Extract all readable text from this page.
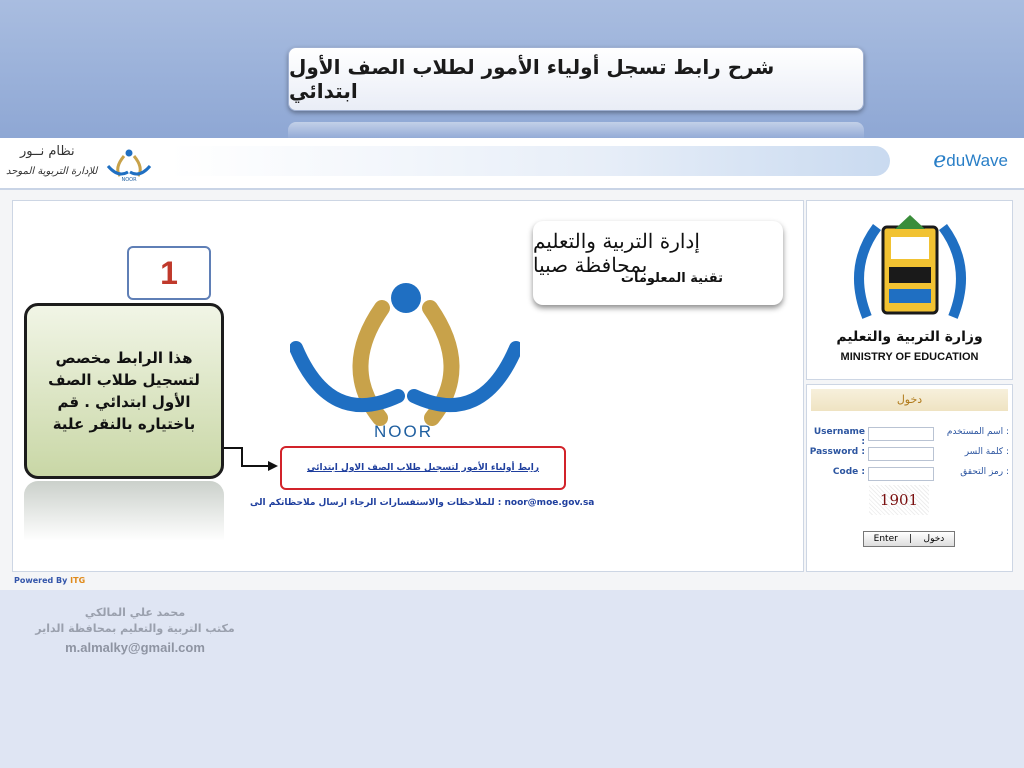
شرح رابط تسجل أولياء الأمور لطلاب الصف الأول ابتدائي
نظام نــور
للإدارة التربوية الموحد
NOOR
e duWave
وزارة التربية والتعليم
MINISTRY OF EDUCATION
دخول
Username :
اسم المستخدم :
Password :	كلمة السر :
Code :	رمز التحقق :
1901
Enter | دخول
Powered By ITG
إدارة التربية والتعليم بمحافظة صبيا
تقنية المعلومات
NOOR
رابط أولياء الأمور لتسجيل طلاب الصف الاول ابتدائي
للملاحظات والاستفسارات الرجاء ارسال ملاحظاتكم الى : noor@moe.gov.sa
1
هذا الرابط مخصص لتسجيل طلاب الصف الأول ابتدائي . قم باختياره بالنقر علية
محمد علي المالكي
مكتب التربية والتعليم بمحافظة الداير
m.almalky@gmail.com
